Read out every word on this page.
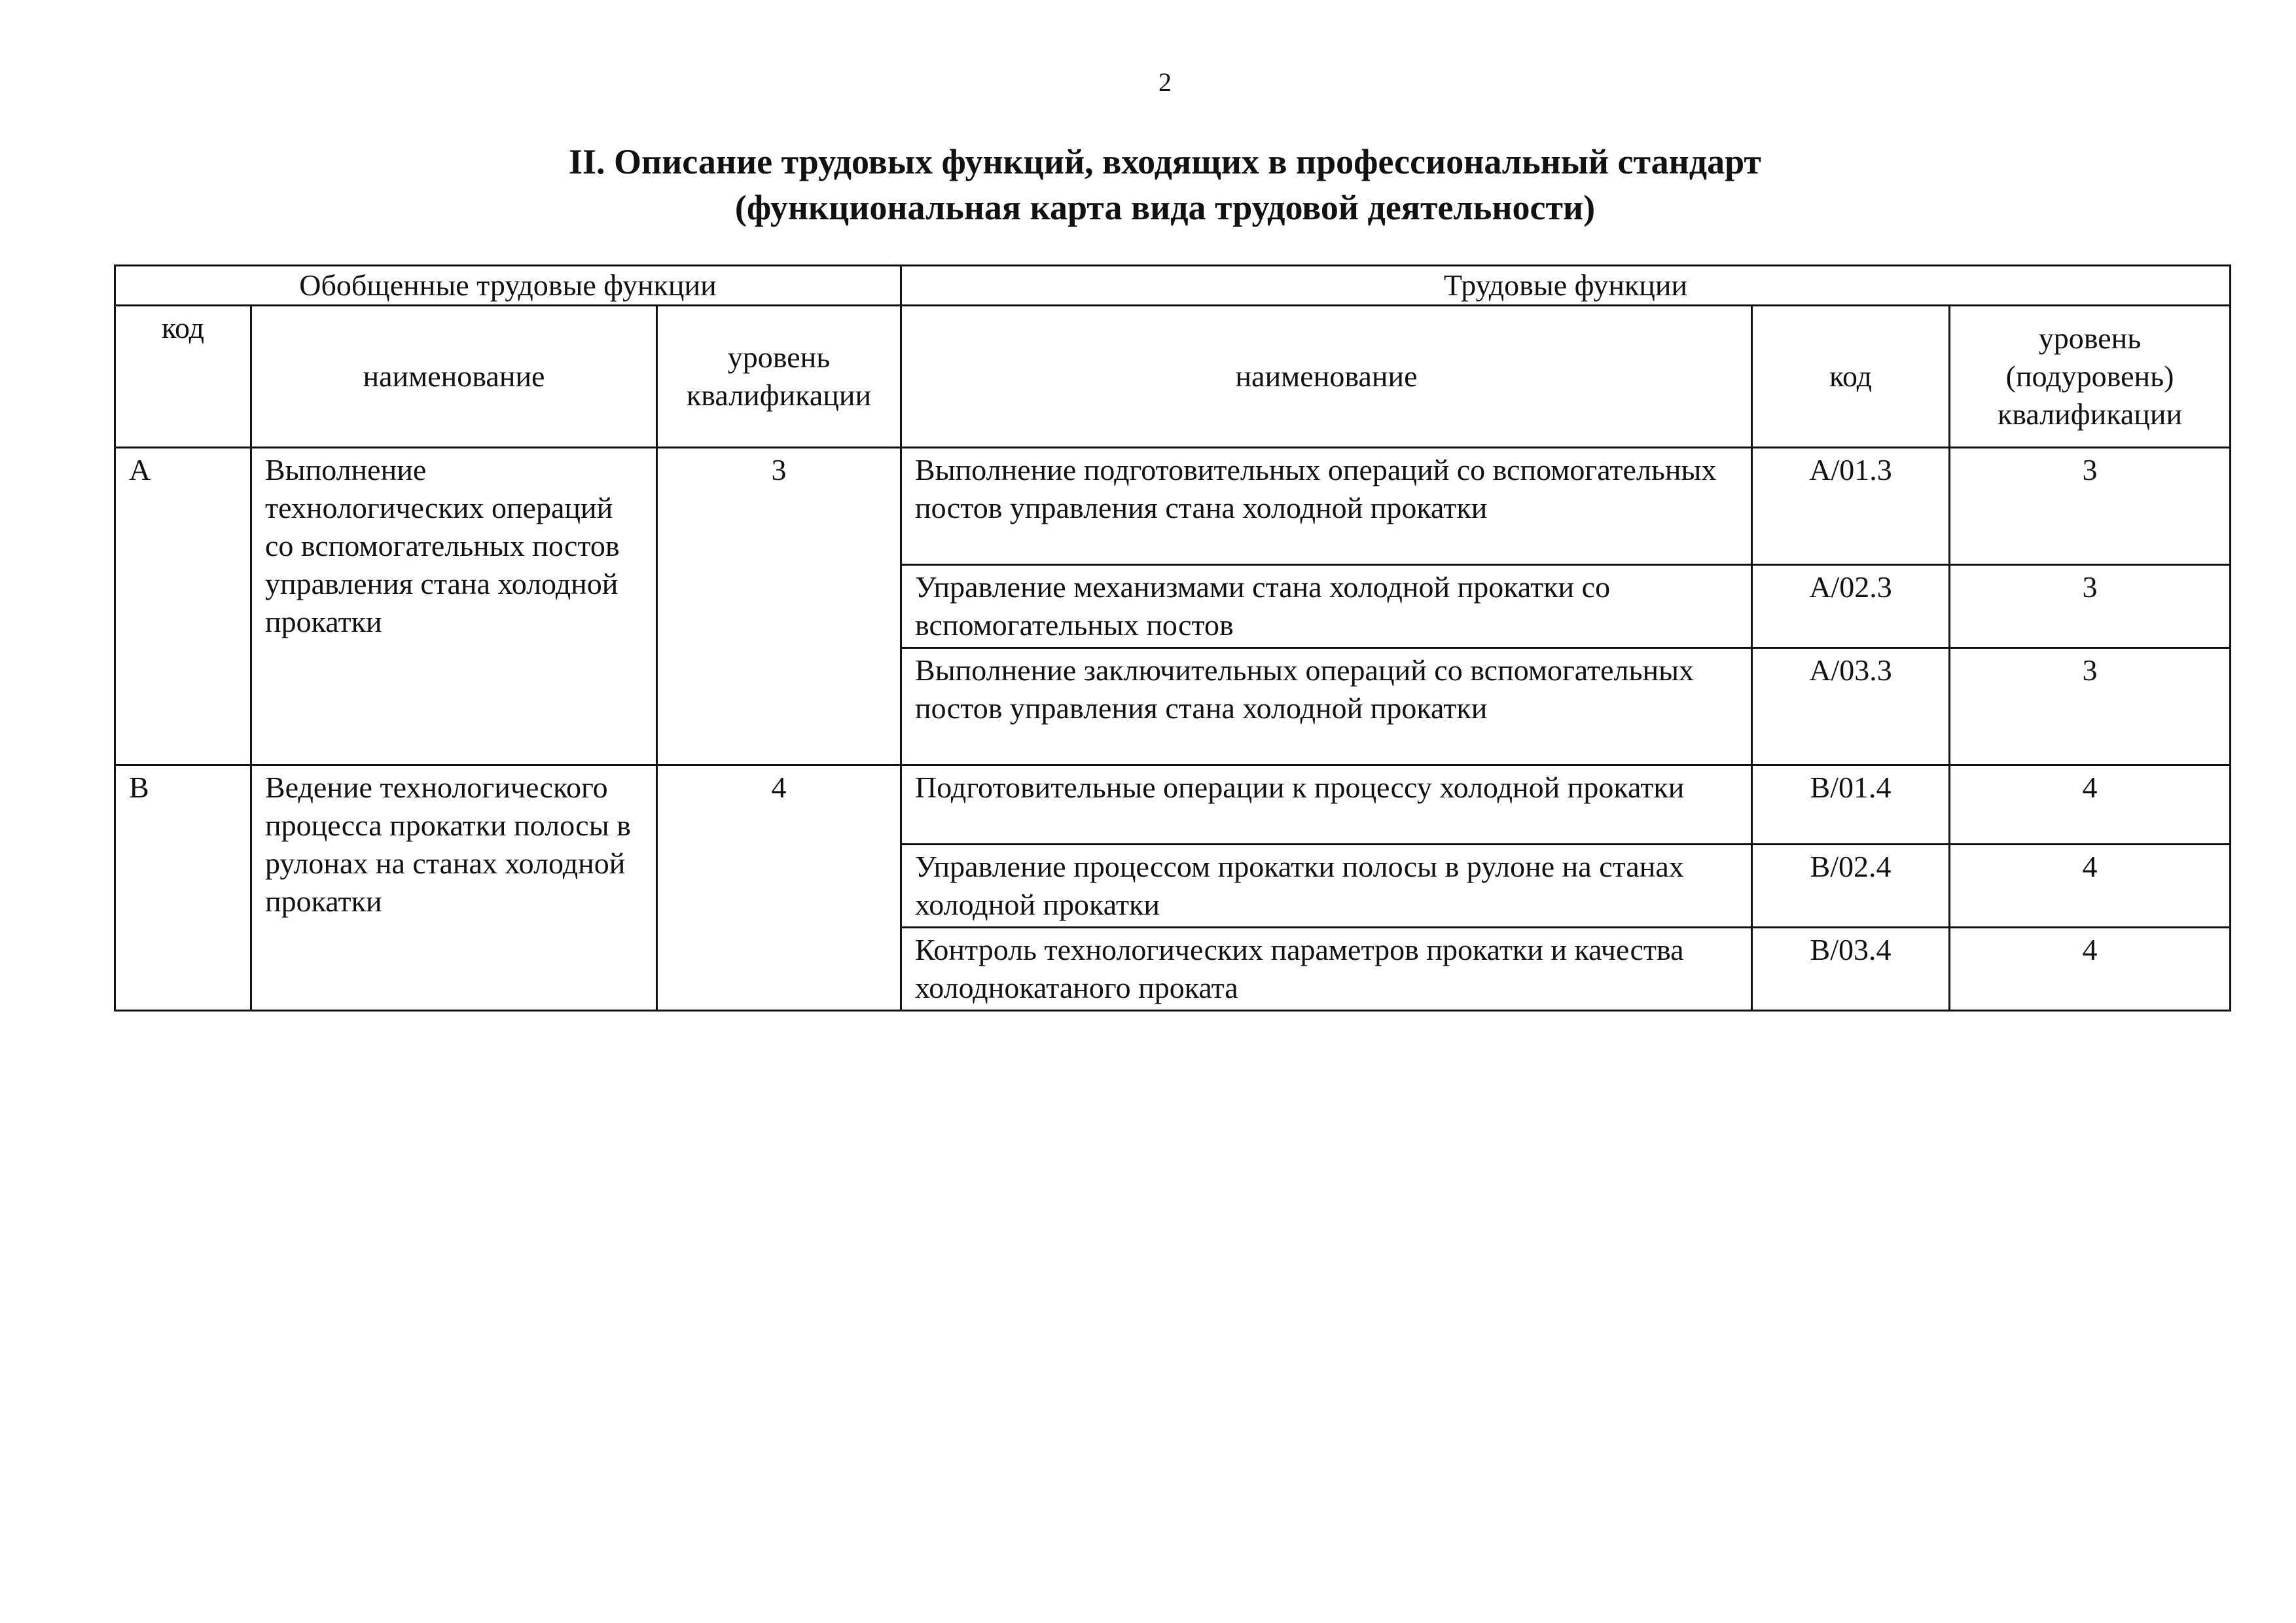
2
II. Описание трудовых функций, входящих в профессиональный стандарт
(функциональная карта вида трудовой деятельности)
Обобщенные трудовые функции			Трудовые функции		
код	наименование	уровень квалификации	наименование	код	уровень (подуровень) квалификации
A	Выполнение технологических операций со вспомогательных постов управления стана холодной прокатки	3	Выполнение подготовительных операций со вспомогательных постов управления стана холодной прокатки	A/01.3	3
			Управление механизмами стана холодной прокатки со вспомогательных постов	A/02.3	3
			Выполнение заключительных операций со вспомогательных постов управления стана холодной прокатки	A/03.3	3
B	Ведение технологического процесса прокатки полосы в рулонах на станах холодной прокатки	4	Подготовительные операции к процессу холодной прокатки	B/01.4	4
			Управление процессом прокатки полосы в рулоне на станах холодной прокатки	B/02.4	4
			Контроль технологических параметров прокатки и качества холоднокатаного проката	B/03.4	4
